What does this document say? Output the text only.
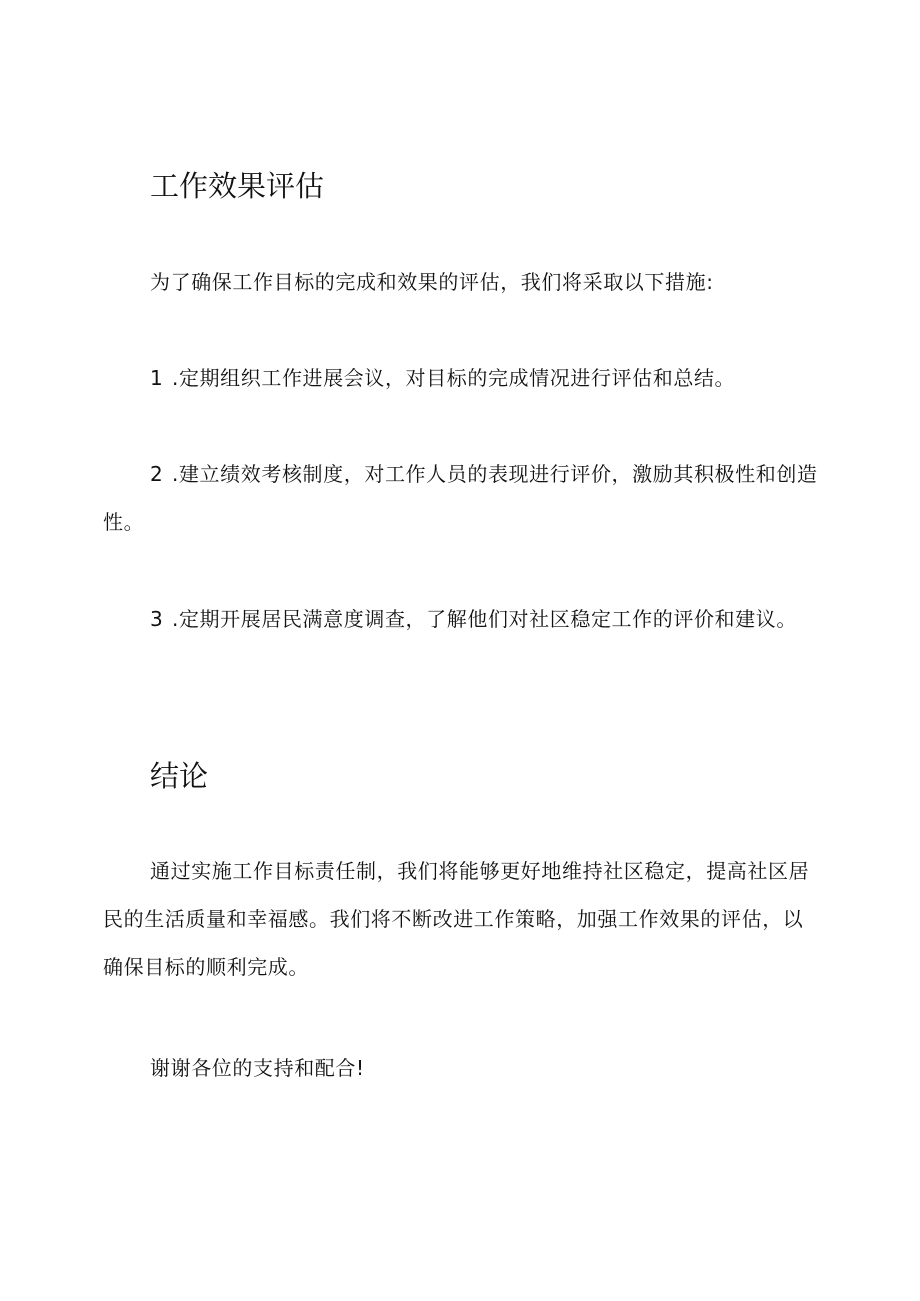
工作效果评估

为了确保工作目标的完成和效果的评估，我们将采取以下措施:

1 .定期组织工作进展会议，对目标的完成情况进行评估和总结。

2 .建立绩效考核制度，对工作人员的表现进行评价，激励其积极性和创造性。

3 .定期开展居民满意度调查，了解他们对社区稳定工作的评价和建议。

结论

通过实施工作目标责任制，我们将能够更好地维持社区稳定，提高社区居民的生活质量和幸福感。我们将不断改进工作策略，加强工作效果的评估，以确保目标的顺利完成。

谢谢各位的支持和配合!
